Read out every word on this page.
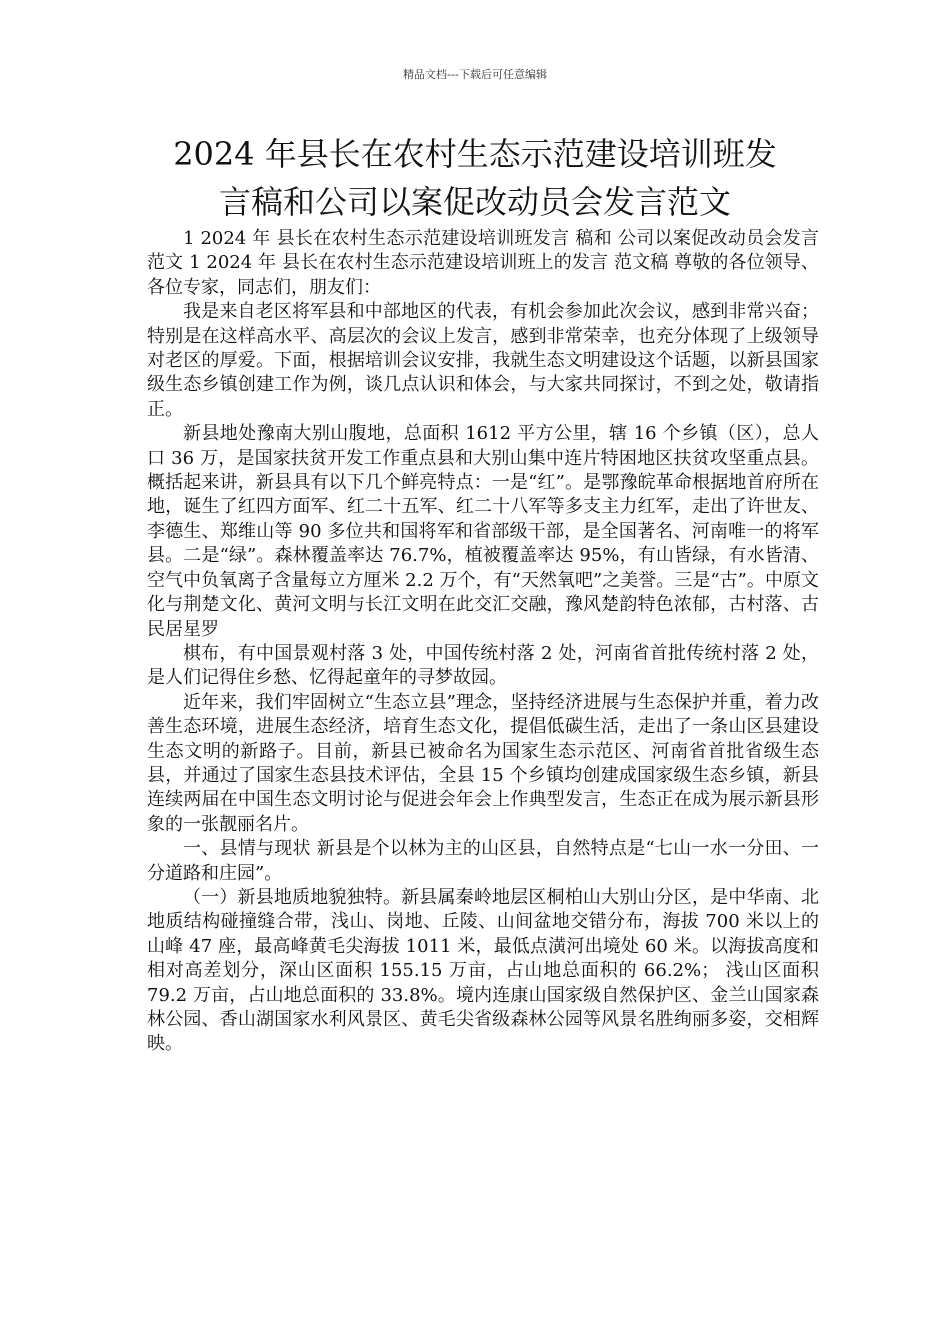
精品文档---下载后可任意编辑
2024 年县长在农村生态示范建设培训班发
言稿和公司以案促改动员会发言范文

1 2024 年 县长在农村生态示范建设培训班发言 稿和 公司以案促改动员会发言 范文 1 2024 年 县长在农村生态示范建设培训班上的发言 范文稿 尊敬的各位领导、各位专家，同志们，朋友们：

我是来自老区将军县和中部地区的代表，有机会参加此次会议，感到非常兴奋； 特别是在这样高水平、高层次的会议上发言，感到非常荣幸，也充分体现了上级领导对老区的厚爱。下面，根据培训会议安排，我就生态文明建设这个话题，以新县国家级生态乡镇创建工作为例，谈几点认识和体会，与大家共同探讨，不到之处，敬请指正。

新县地处豫南大别山腹地，总面积 1612 平方公里，辖 16 个乡镇（区），总人口 36 万，是国家扶贫开发工作重点县和大别山集中连片特困地区扶贫攻坚重点县。概括起来讲，新县具有以下几个鲜亮特点：一是“红”。是鄂豫皖革命根据地首府所在地，诞生了红四方面军、红二十五军、红二十八军等多支主力红军，走出了许世友、李德生、郑维山等 90 多位共和国将军和省部级干部，是全国著名、河南唯一的将军县。二是“绿”。森林覆盖率达 76.7%，植被覆盖率达 95%，有山皆绿，有水皆清、空气中负氧离子含量每立方厘米 2.2 万个，有“天然氧吧”之美誉。三是“古”。中原文化与荆楚文化、黄河文明与长江文明在此交汇交融，豫风楚韵特色浓郁，古村落、古民居星罗

棋布，有中国景观村落 3 处，中国传统村落 2 处，河南省首批传统村落 2 处，是人们记得住乡愁、忆得起童年的寻梦故园。

近年来，我们牢固树立“生态立县”理念，坚持经济进展与生态保护并重，着力改善生态环境，进展生态经济，培育生态文化，提倡低碳生活，走出了一条山区县建设生态文明的新路子。目前，新县已被命名为国家生态示范区、河南省首批省级生态县，并通过了国家生态县技术评估，全县 15 个乡镇均创建成国家级生态乡镇，新县连续两届在中国生态文明讨论与促进会年会上作典型发言，生态正在成为展示新县形象的一张靓丽名片。

一、县情与现状 新县是个以林为主的山区县，自然特点是“七山一水一分田、一分道路和庄园”。

（一）新县地质地貌独特。新县属秦岭地层区桐柏山大别山分区，是中华南、北地质结构碰撞缝合带，浅山、岗地、丘陵、山间盆地交错分布，海拔 700 米以上的山峰 47 座，最高峰黄毛尖海拔 1011 米，最低点潢河出境处 60 米。以海拔高度和相对高差划分，深山区面积 155.15 万亩，占山地总面积的 66.2%； 浅山区面积 79.2 万亩，占山地总面积的 33.8%。境内连康山国家级自然保护区、金兰山国家森林公园、香山湖国家水利风景区、黄毛尖省级森林公园等风景名胜绚丽多姿，交相辉映。
